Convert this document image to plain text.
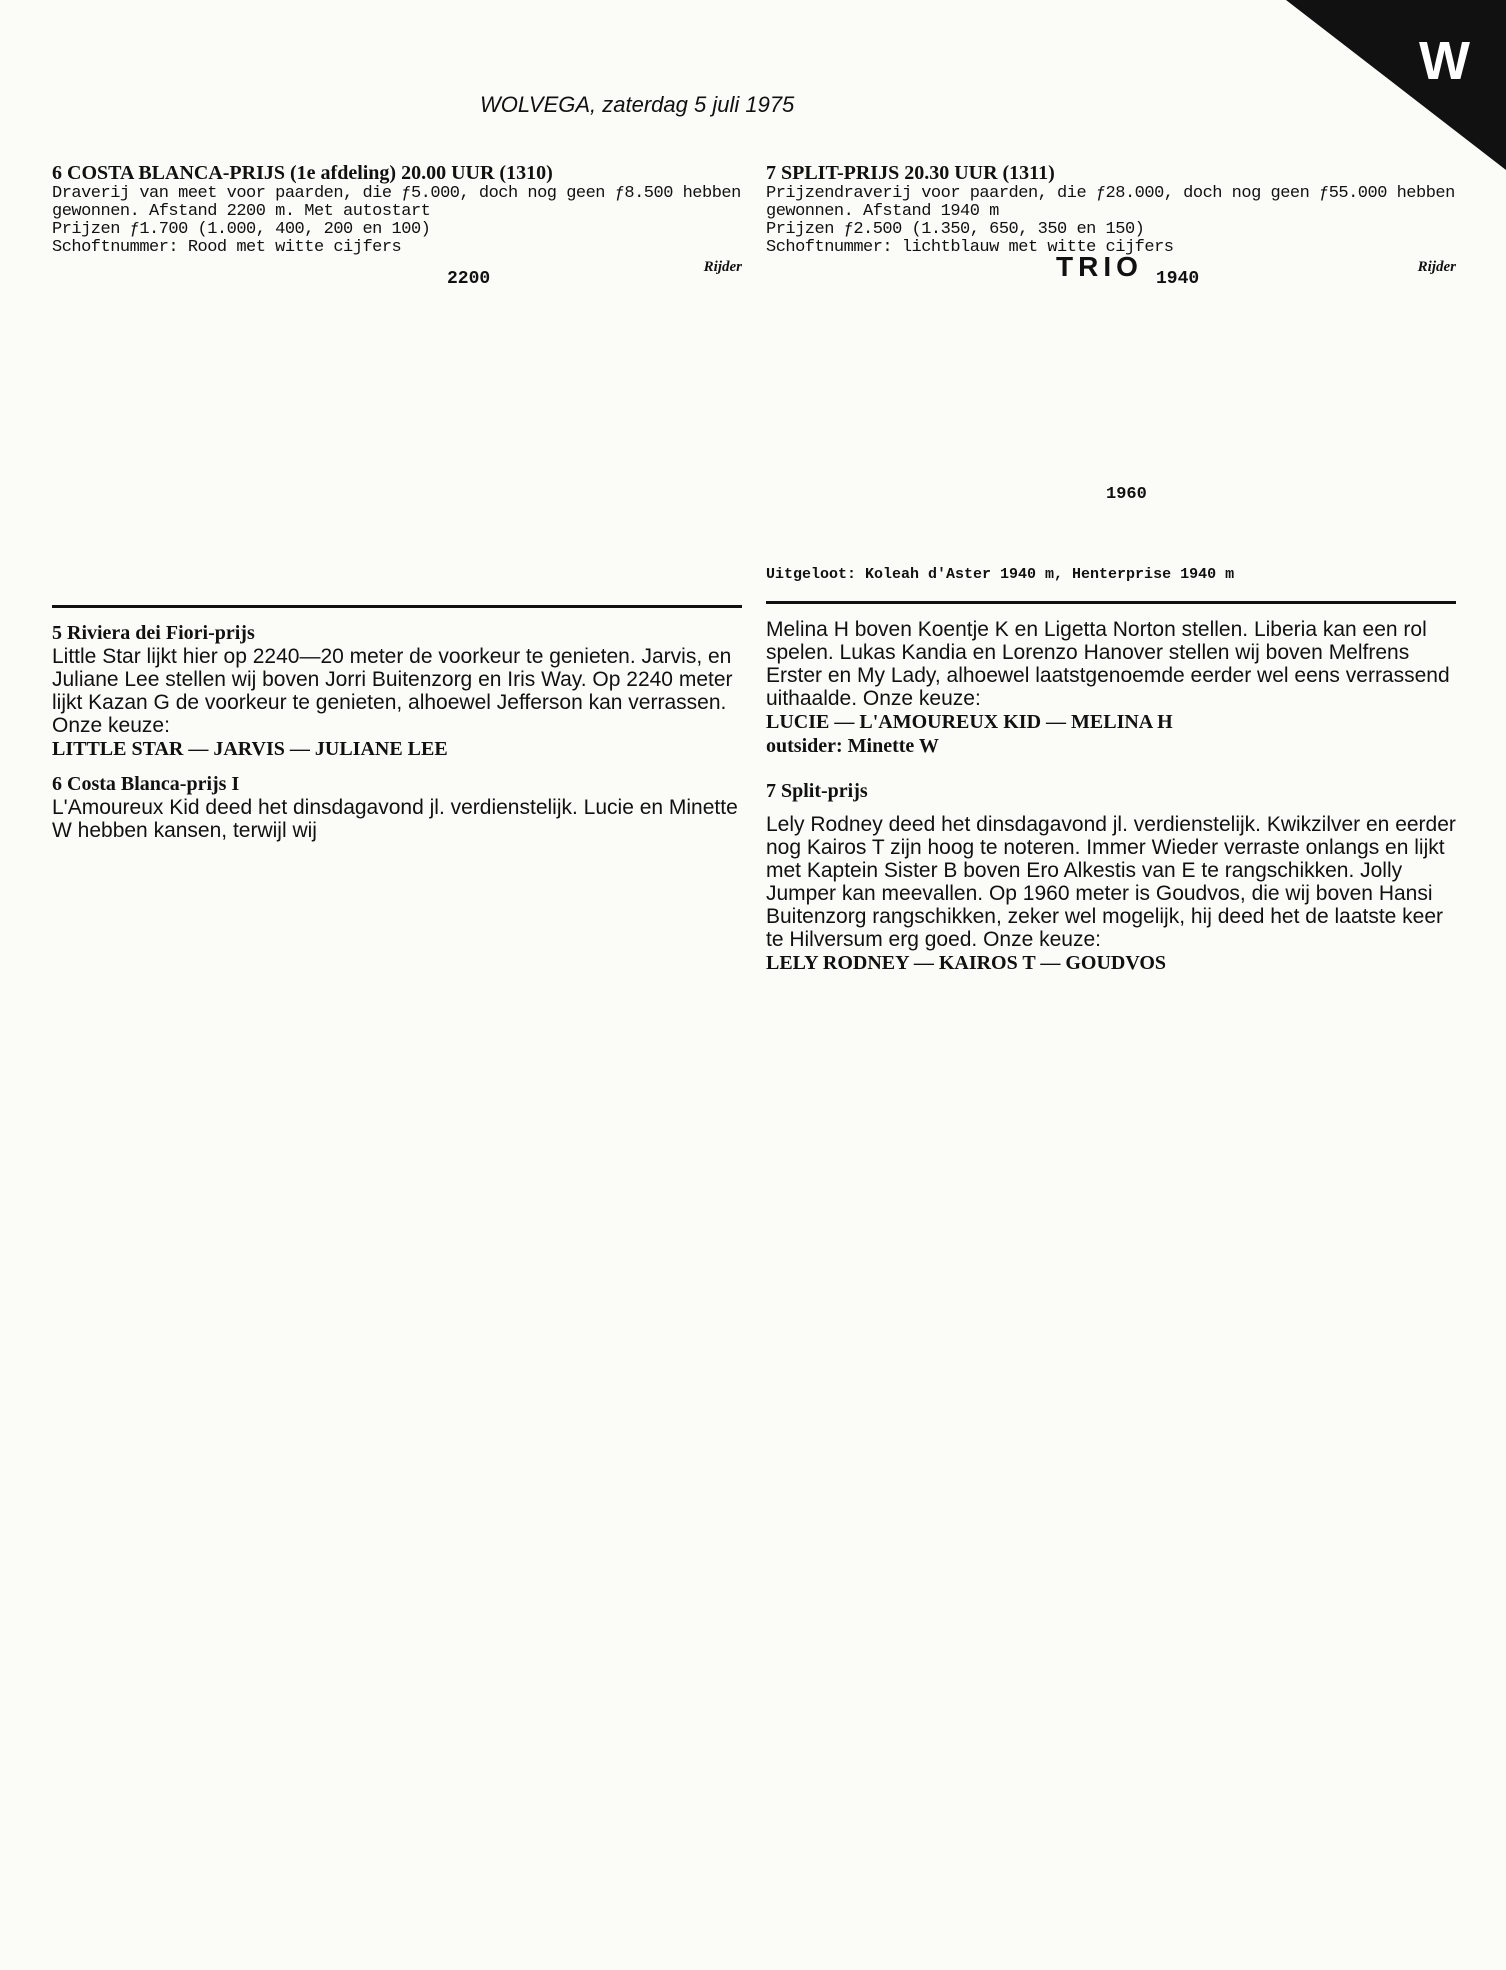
W
WOLVEGA, zaterdag 5 juli 1975
6 COSTA BLANCA-PRIJS (1e afdeling) 20.00 UUR (1310)
Draverij van meet voor paarden, die ƒ5.000, doch nog geen ƒ8.500 hebben gewonnen. Afstand 2200 m. Met autostart
Prijzen ƒ1.700 (1.000, 400, 200 en 100)
Schoftnummer: Rood met witte cijfers
2200
Rijder
5 Riviera dei Fiori-prijs
Little Star lijkt hier op 2240—20 meter de voorkeur te genieten. Jarvis, en Juliane Lee stellen wij boven Jorri Buitenzorg en Iris Way. Op 2240 meter lijkt Kazan G de voorkeur te genieten, alhoewel Jefferson kan verrassen. Onze keuze:
LITTLE STAR — JARVIS — JULIANE LEE
6 Costa Blanca-prijs I
L'Amoureux Kid deed het dinsdagavond jl. verdienstelijk. Lucie en Minette W hebben kansen, terwijl wij
7 SPLIT-PRIJS 20.30 UUR (1311)
Prijzendraverij voor paarden, die ƒ28.000, doch nog geen ƒ55.000 hebben gewonnen. Afstand 1940 m
Prijzen ƒ2.500 (1.350, 650, 350 en 150)
Schoftnummer: lichtblauw met witte cijfers
TRIO 1940
Rijder
1960
Uitgeloot: Koleah d'Aster 1940 m, Henterprise 1940 m
Melina H boven Koentje K en Ligetta Norton stellen. Liberia kan een rol spelen. Lukas Kandia en Lorenzo Hanover stellen wij boven Melfrens Erster en My Lady, alhoewel laatstgenoemde eerder wel eens verrassend uithaalde. Onze keuze:
LUCIE — L'AMOUREUX KID — MELINA H
outsider: Minette W
7 Split-prijs
Lely Rodney deed het dinsdagavond jl. verdienstelijk. Kwikzilver en eerder nog Kairos T zijn hoog te noteren. Immer Wieder verraste onlangs en lijkt met Kaptein Sister B boven Ero Alkestis van E te rangschikken. Jolly Jumper kan meevallen. Op 1960 meter is Goudvos, die wij boven Hansi Buitenzorg rangschikken, zeker wel mogelijk, hij deed het de laatste keer te Hilversum erg goed. Onze keuze:
LELY RODNEY — KAIROS T — GOUDVOS
